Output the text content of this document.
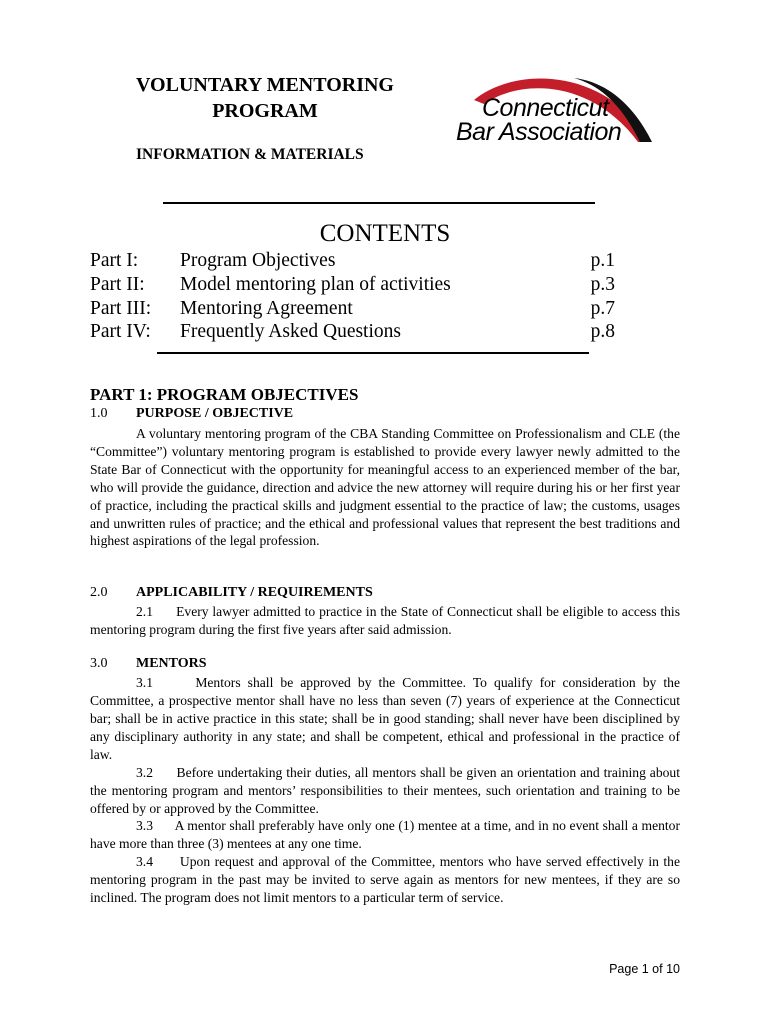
VOLUNTARY MENTORING
PROGRAM
INFORMATION & MATERIALS
Connecticut
Bar Association
CONTENTS
Part I: Program Objectives	p.1
Part II: Model mentoring plan of activities	p.3
Part III: Mentoring Agreement	p.7
Part IV: Frequently Asked Questions	p.8
PART 1: PROGRAM OBJECTIVES
1.0 PURPOSE / OBJECTIVE
A voluntary mentoring program of the CBA Standing Committee on Professionalism and CLE (the “Committee”) voluntary mentoring program is established to provide every lawyer newly admitted to the State Bar of Connecticut with the opportunity for meaningful access to an experienced member of the bar, who will provide the guidance, direction and advice the new attorney will require during his or her first year of practice, including the practical skills and judgment essential to the practice of law; the customs, usages and unwritten rules of practice; and the ethical and professional values that represent the best traditions and highest aspirations of the legal profession.
2.0 APPLICABILITY / REQUIREMENTS
2.1 Every lawyer admitted to practice in the State of Connecticut shall be eligible to access this mentoring program during the first five years after said admission.
3.0 MENTORS
3.1	Mentors shall be approved by the Committee. To qualify for consideration by the Committee, a prospective mentor shall have no less than seven (7) years of experience at the Connecticut bar; shall be in active practice in this state; shall be in good standing; shall never have been disciplined by any disciplinary authority in any state; and shall be competent, ethical and professional in the practice of law.
3.2 Before undertaking their duties, all mentors shall be given an orientation and training about the mentoring program and mentors’ responsibilities to their mentees, such orientation and training to be offered by or approved by the Committee.
3.3 A mentor shall preferably have only one (1) mentee at a time, and in no event shall a mentor have more than three (3) mentees at any one time.
3.4 Upon request and approval of the Committee, mentors who have served effectively in the mentoring program in the past may be invited to serve again as mentors for new mentees, if they are so inclined. The program does not limit mentors to a particular term of service.
Page 1 of 10
